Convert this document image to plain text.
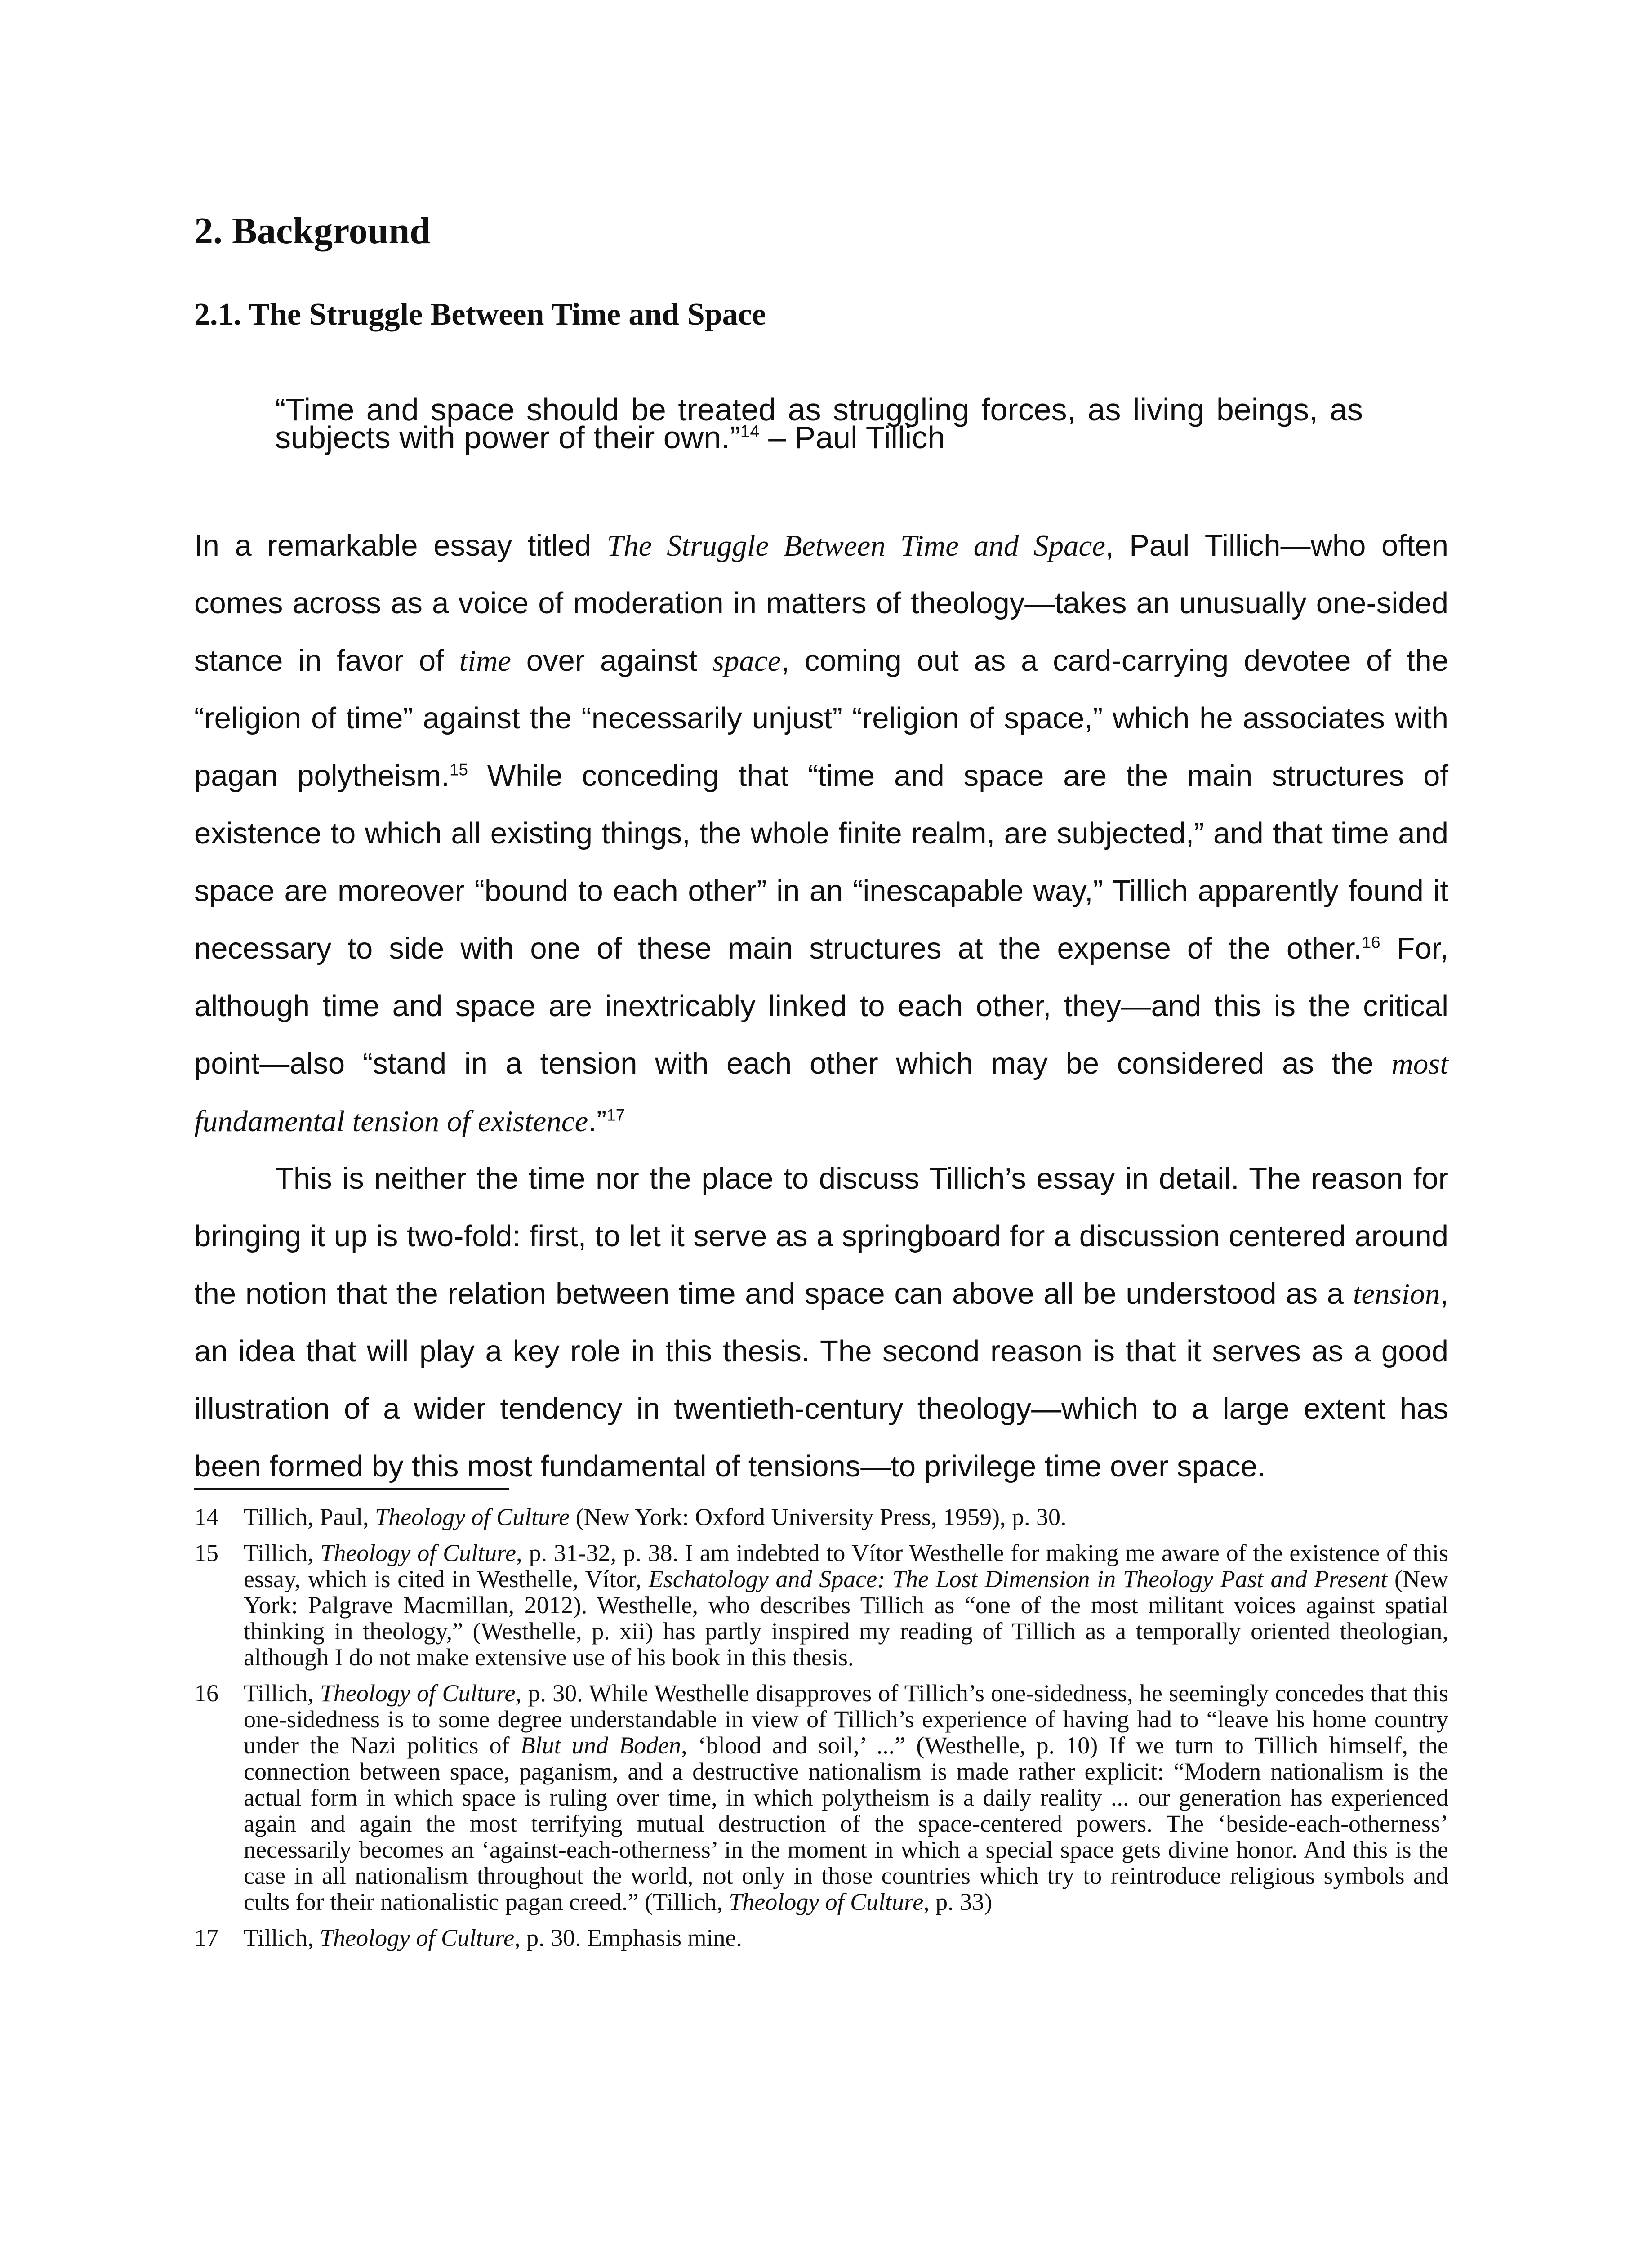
2. Background
2.1. The Struggle Between Time and Space

“Time and space should be treated as struggling forces, as living beings, as subjects with power of their own.”$^{14}$ – Paul Tillich

In a remarkable essay titled The Struggle Between Time and Space, Paul Tillich—who often comes across as a voice of moderation in matters of theology—takes an unusually one-sided stance in favor of time over against space, coming out as a card-carrying devotee of the “religion of time” against the “necessarily unjust” “religion of space,” which he associates with pagan polytheism.$^{15}$ While conceding that “time and space are the main structures of existence to which all existing things, the whole finite realm, are subjected,” and that time and space are moreover “bound to each other” in an “inescapable way,” Tillich apparently found it necessary to side with one of these main structures at the expense of the other.$^{16}$ For, although time and space are inextricably linked to each other, they—and this is the critical point—also “stand in a tension with each other which may be considered as the most fundamental tension of existence.”$^{17}$

This is neither the time nor the place to discuss Tillich’s essay in detail. The reason for bringing it up is two-fold: first, to let it serve as a springboard for a discussion centered around the notion that the relation between time and space can above all be understood as a tension, an idea that will play a key role in this thesis. The second reason is that it serves as a good illustration of a wider tendency in twentieth-century theology—which to a large extent has been formed by this most fundamental of tensions—to privilege time over space.

14	Tillich, Paul, Theology of Culture (New York: Oxford University Press, 1959), p. 30.
15	Tillich, Theology of Culture, p. 31-32, p. 38. I am indebted to Vítor Westhelle for making me aware of the existence of this essay, which is cited in Westhelle, Vítor, Eschatology and Space: The Lost Dimension in Theology Past and Present (New York: Palgrave Macmillan, 2012). Westhelle, who describes Tillich as “one of the most militant voices against spatial thinking in theology,” (Westhelle, p. xii) has partly inspired my reading of Tillich as a temporally oriented theologian, although I do not make extensive use of his book in this thesis.
16	Tillich, Theology of Culture, p. 30. While Westhelle disapproves of Tillich’s one-sidedness, he seemingly concedes that this one-sidedness is to some degree understandable in view of Tillich’s experience of having had to “leave his home country under the Nazi politics of Blut und Boden, ‘blood and soil,’ ...” (Westhelle, p. 10) If we turn to Tillich himself, the connection between space, paganism, and a destructive nationalism is made rather explicit: “Modern nationalism is the actual form in which space is ruling over time, in which polytheism is a daily reality ... our generation has experienced again and again the most terrifying mutual destruction of the space-centered powers. The ‘beside-each-otherness’ necessarily becomes an ‘against-each-otherness’ in the moment in which a special space gets divine honor. And this is the case in all nationalism throughout the world, not only in those countries which try to reintroduce religious symbols and cults for their nationalistic pagan creed.” (Tillich, Theology of Culture, p. 33)
17	Tillich, Theology of Culture, p. 30. Emphasis mine.
